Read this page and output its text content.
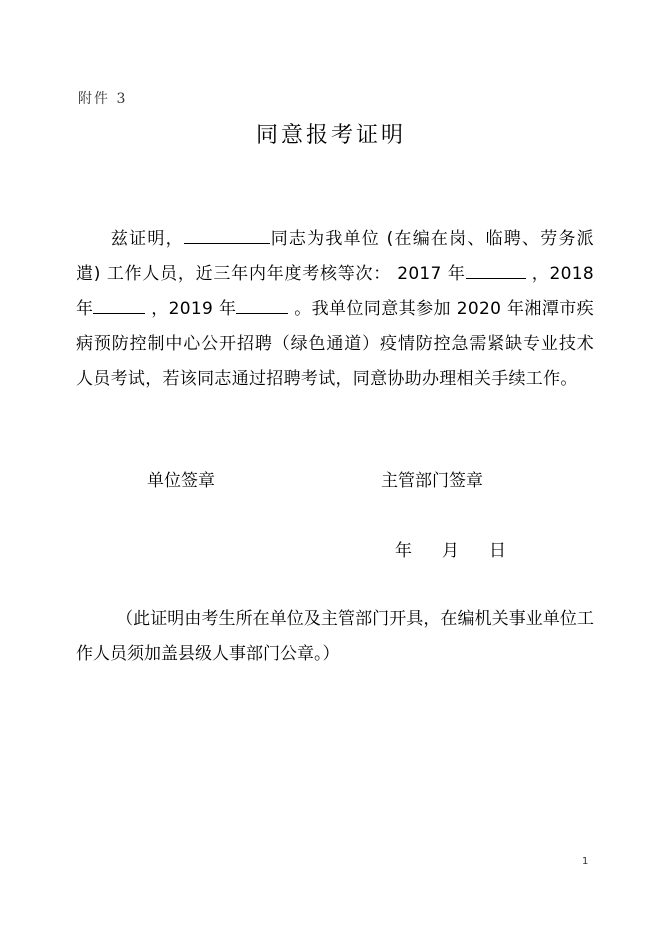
附件 3
同意报考证明
兹证明，	同志为我单位 (在编在岗、临聘、劳务派遣) 工作人员，近三年内年度考核等次： 2017 年	，2018 年	，2019 年	。我单位同意其参加 2020 年湘潭市疾病预防控制中心公开招聘（绿色通道）疫情防控急需紧缺专业技术人员考试，若该同志通过招聘考试，同意协助办理相关手续工作。
单位签章	主管部门签章
年 月 日
（此证明由考生所在单位及主管部门开具，在编机关事业单位工作人员须加盖县级人事部门公章。）
1
